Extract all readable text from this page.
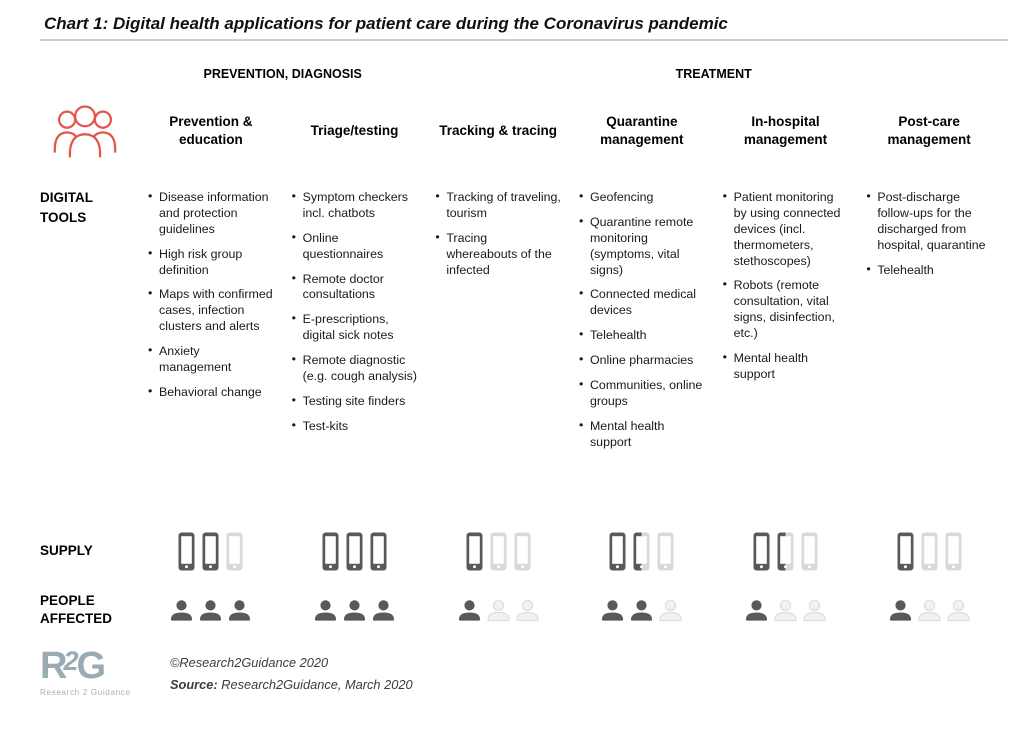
Chart 1: Digital health applications for patient care during the Coronavirus pandemic
PREVENTION, DIAGNOSIS	TREATMENT
Prevention & education
Triage/testing	Tracking & tracing
Quarantine management
In-hospital management
Post-care management
DIGITAL TOOLS
• Disease information and protection guidelines
• High risk group definition
• Maps with confirmed cases, infection clusters and alerts
• Anxiety management
• Behavioral change
• Symptom checkers incl. chatbots
• Online questionnaires
• Remote doctor consultations
• E-prescriptions, digital sick notes
• Remote diagnostic (e.g. cough analysis)
• Testing site finders
• Test-kits
• Tracking of traveling, tourism
• Tracing whereabouts of the infected
• Geofencing
• Quarantine remote monitoring (symptoms, vital signs)
• Connected medical devices
• Telehealth
• Online pharmacies
• Communities, online groups
• Mental health support
• Patient monitoring by using connected devices (incl. thermometers, stethoscopes)
• Robots (remote consultation, vital signs, disinfection, etc.)
• Mental health support
• Post-discharge follow-ups for the discharged from hospital, quarantine
• Telehealth
SUPPLY
PEOPLE AFFECTED
$R^2G$
Research 2 Guidance
©Research2Guidance 2020
Source: Research2Guidance, March 2020
